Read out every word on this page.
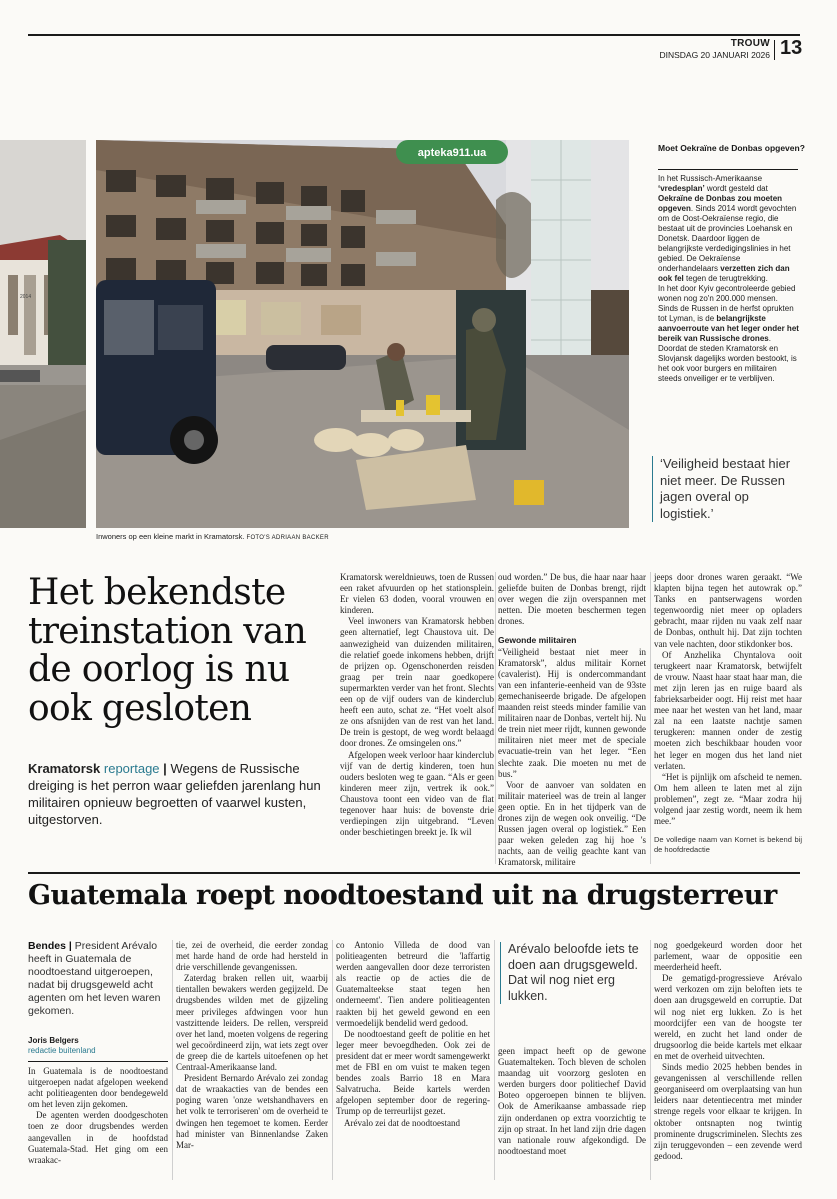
TROUW
DINSDAG 20 JANUARI 2026 13
2014
apteka911.ua
Inwoners op een kleine markt in Kramatorsk. FOTO'S ADRIAAN BACKER
Moet Oekraïne de Donbas opgeven?
In het Russisch-Amerikaanse ‘vredesplan’ wordt gesteld dat Oekraïne de Donbas zou moeten opgeven. Sinds 2014 wordt gevochten om de Oost-Oekraïense regio, die bestaat uit de provincies Loehansk en Donetsk. Daardoor liggen de belangrijkste verdedigingslinies in het gebied. De Oekraïense onderhandelaars verzetten zich dan ook fel tegen de terugtrekking.
In het door Kyiv gecontroleerde gebied wonen nog zo'n 200.000 mensen. Sinds de Russen in de herfst oprukten tot Lyman, is de belangrijkste aanvoerroute van het leger onder het bereik van Russische drones. Doordat de steden Kramatorsk en Slovjansk dagelijks worden bestookt, is het ook voor burgers en militairen steeds onveiliger er te verblijven.
‘Veiligheid bestaat hier niet meer. De Russen jagen overal op logistiek.’
Het bekendste treinstation van de oorlog is nu ook gesloten
Kramatorsk reportage | Wegens de Russische dreiging is het perron waar geliefden jarenlang hun militairen opnieuw begroetten of vaarwel kusten, uitgestorven.

Kramatorsk wereldnieuws, toen de Russen een raket afvuurden op het stationsplein. Er vielen 63 doden, vooral vrouwen en kinderen.

Veel inwoners van Kramatorsk hebben geen alternatief, legt Chaustova uit. De aanwezigheid van duizenden militairen, die relatief goede inkomens hebben, drijft de prijzen op. Ogenschonerden reisden graag per trein naar goedkopere supermarkten verder van het front. Slechts een op de vijf ouders van de kinderclub heeft een auto, schat ze. “Het voelt alsof ze ons afsnijden van de rest van het land. De trein is gestopt, de weg wordt belaagd door drones. Ze omsingelen ons.”

Afgelopen week verloor haar kinderclub vijf van de dertig kinderen, toen hun ouders besloten weg te gaan. “Als er geen kinderen meer zijn, vertrek ik ook.” Chaustova toont een video van de flat tegenover haar huis: de bovenste drie verdiepingen zijn uitgebrand. “Leven onder beschietingen breekt je. Ik wil

oud worden.” De bus, die haar naar haar geliefde buiten de Donbas brengt, rijdt over wegen die zijn overspannen met netten. Die moeten beschermen tegen drones.

Gewonde militairen

“Veiligheid bestaat niet meer in Kramatorsk”, aldus militair Kornet (cavalerist). Hij is ondercommandant van een infanterie-eenheid van de 93ste gemechaniseerde brigade. De afgelopen maanden reist steeds minder familie van militairen naar de Donbas, vertelt hij. Nu de trein niet meer rijdt, kunnen gewonde militairen niet meer met de speciale evacuatie-trein van het leger. “Een slechte zaak. Die moeten nu met de bus.”

Voor de aanvoer van soldaten en militair materieel was de trein al langer geen optie. En in het tijdperk van de drones zijn de wegen ook onveilig. “De Russen jagen overal op logistiek.” Een paar weken geleden zag hij hoe 's nachts, aan de veilig geachte kant van Kramatorsk, militaire

jeeps door drones waren geraakt. “We klapten bijna tegen het autowrak op.” Tanks en pantserwagens worden tegenwoordig niet meer op opladers gebracht, maar rijden nu vaak zelf naar de Donbas, onthult hij. Dat zijn tochten van vele nachten, door stikdonker bos.

Of Anzhelika Chyntalova ooit terugkeert naar Kramatorsk, betwijfelt de vrouw. Naast haar staat haar man, die met zijn leren jas en ruige baard als fabrieksarbeider oogt. Hij reist met haar mee naar het westen van het land, maar zal na een laatste nachtje samen terugkeren: mannen onder de zestig moeten zich beschikbaar houden voor het leger en mogen dus het land niet verlaten.

“Het is pijnlijk om afscheid te nemen. Om hem alleen te laten met al zijn problemen”, zegt ze. “Maar zodra hij volgend jaar zestig wordt, neem ik hem mee.”

De volledige naam van Kornet is bekend bij de hoofdredactie
Guatemala roept noodtoestand uit na drugsterreur
Bendes | President Arévalo heeft in Guatemala de noodtoestand uitgeroepen, nadat bij drugsgeweld acht agenten om het leven waren gekomen.
Joris Belgers
redactie buitenland

In Guatemala is de noodtoestand uitgeroepen nadat afgelopen weekend acht politieagenten door bendegeweld om het leven zijn gekomen.

De agenten werden doodgeschoten toen ze door drugsbendes werden aangevallen in de hoofdstad Guatemala-Stad. Het ging om een wraakac-

tie, zei de overheid, die eerder zondag met harde hand de orde had hersteld in drie verschillende gevangenissen.

Zaterdag braken rellen uit, waarbij tientallen bewakers werden gegijzeld. De drugsbendes wilden met de gijzeling meer privileges afdwingen voor hun vastzittende leiders. De rellen, verspreid over het land, moeten volgens de regering wel gecoördineerd zijn, wat iets zegt over de greep die de kartels uitoefenen op het Centraal-Amerikaanse land.

President Bernardo Arévalo zei zondag dat de wraakacties van de bendes een poging waren 'onze wetshandhavers en het volk te terroriseren' om de overheid te dwingen hen tegemoet te komen. Eerder had minister van Binnenlandse Zaken Mar-

co Antonio Villeda de dood van politieagenten betreurd die 'laffartig werden aangevallen door deze terroristen als reactie op de acties die de Guatemalteekse staat tegen hen onderneemt'. Tien andere politieagenten raakten bij het geweld gewond en een vermoedelijk bendelid werd gedood.

De noodtoestand geeft de politie en het leger meer bevoegdheden. Ook zei de president dat er meer wordt samengewerkt met de FBI en om vuist te maken tegen bendes zoals Barrio 18 en Mara Salvatrucha. Beide kartels werden afgelopen september door de regering-Trump op de terreurlijst gezet.

Arévalo zei dat de noodtoestand

Arévalo beloofde iets te doen aan drugsgeweld. Dat wil nog niet erg lukken.

geen impact heeft op de gewone Guatemalteken. Toch bleven de scholen maandag uit voorzorg gesloten en werden burgers door politiechef David Boteo opgeroepen binnen te blijven. Ook de Amerikaanse ambassade riep zijn onderdanen op extra voorzichtig te zijn op straat. In het land zijn drie dagen van nationale rouw afgekondigd. De noodtoestand moet

nog goedgekeurd worden door het parlement, waar de oppositie een meerderheid heeft.

De gematigd-progressieve Arévalo werd verkozen om zijn beloften iets te doen aan drugsgeweld en corruptie. Dat wil nog niet erg lukken. Zo is het moordcijfer een van de hoogste ter wereld, en zucht het land onder de drugsoorlog die beide kartels met elkaar en met de overheid uitvechten.

Sinds medio 2025 hebben bendes in gevangenissen al verschillende rellen georganiseerd om overplaatsing van hun leiders naar detentiecentra met minder strenge regels voor elkaar te krijgen. In oktober ontsnapten nog twintig prominente drugscriminelen. Slechts zes zijn teruggevonden – een zevende werd gedood.
